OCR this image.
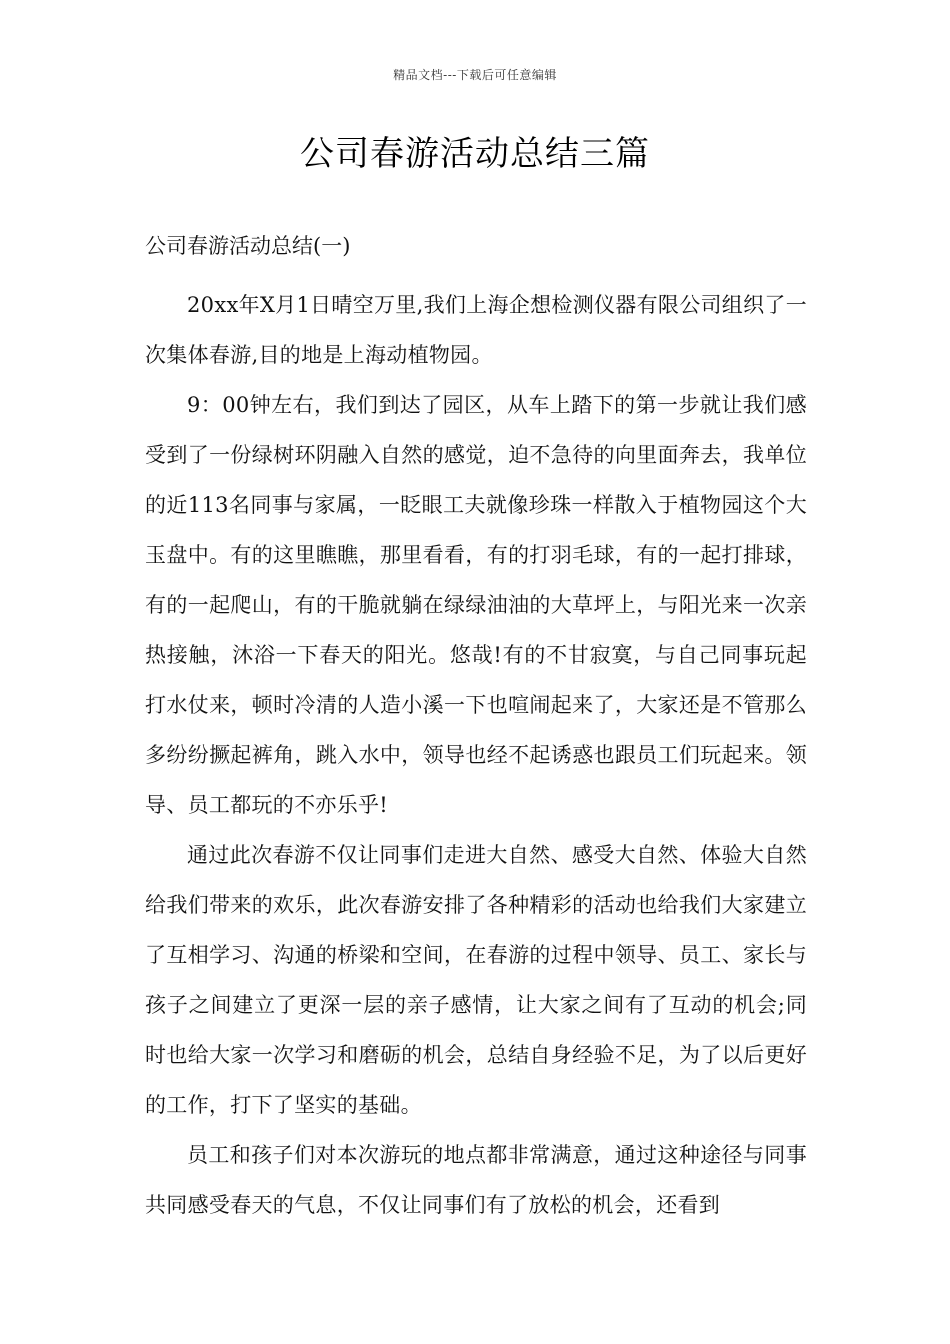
精品文档---下载后可任意编辑
公司春游活动总结三篇

公司春游活动总结(一)

20xx年X月1日晴空万里,我们上海企想检测仪器有限公司组织了一次集体春游,目的地是上海动植物园。

9：00钟左右，我们到达了园区，从车上踏下的第一步就让我们感受到了一份绿树环阴融入自然的感觉，迫不急待的向里面奔去，我单位的近113名同事与家属，一眨眼工夫就像珍珠一样散入于植物园这个大玉盘中。有的这里瞧瞧，那里看看，有的打羽毛球，有的一起打排球，有的一起爬山，有的干脆就躺在绿绿油油的大草坪上，与阳光来一次亲热接触，沐浴一下春天的阳光。悠哉!有的不甘寂寞，与自己同事玩起打水仗来，顿时冷清的人造小溪一下也喧闹起来了，大家还是不管那么多纷纷撅起裤角，跳入水中，领导也经不起诱惑也跟员工们玩起来。领导、员工都玩的不亦乐乎!

通过此次春游不仅让同事们走进大自然、感受大自然、体验大自然给我们带来的欢乐，此次春游安排了各种精彩的活动也给我们大家建立了互相学习、沟通的桥梁和空间，在春游的过程中领导、员工、家长与孩子之间建立了更深一层的亲子感情，让大家之间有了互动的机会;同时也给大家一次学习和磨砺的机会，总结自身经验不足，为了以后更好的工作，打下了坚实的基础。

员工和孩子们对本次游玩的地点都非常满意，通过这种途径与同事共同感受春天的气息，不仅让同事们有了放松的机会，还看到
